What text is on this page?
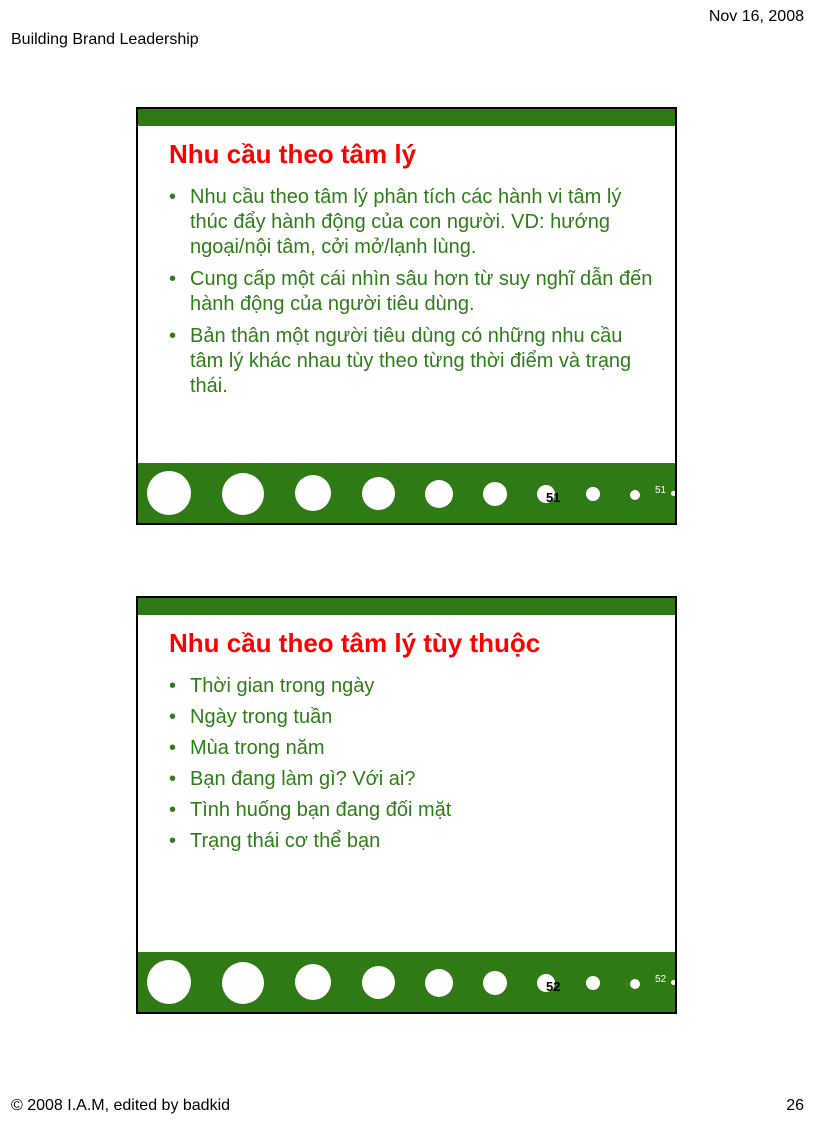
Nov 16, 2008
Building Brand Leadership
Nhu cầu theo tâm lý
• Nhu cầu theo tâm lý phân tích các hành vi tâm lý thúc đẩy hành động của con người. VD: hướng ngoại/nội tâm, cởi mở/lạnh lùng.
• Cung cấp một cái nhìn sâu hơn từ suy nghĩ dẫn đến hành động của người tiêu dùng.
• Bản thân một người tiêu dùng có những nhu cầu tâm lý khác nhau tùy theo từng thời điểm và trạng thái.
51	51
Nhu cầu theo tâm lý tùy thuộc
• Thời gian trong ngày
• Ngày trong tuần
• Mùa trong năm
• Bạn đang làm gì? Với ai?
• Tình huống bạn đang đối mặt
• Trạng thái cơ thể bạn
52	52
© 2008 I.A.M, edited by badkid	26
